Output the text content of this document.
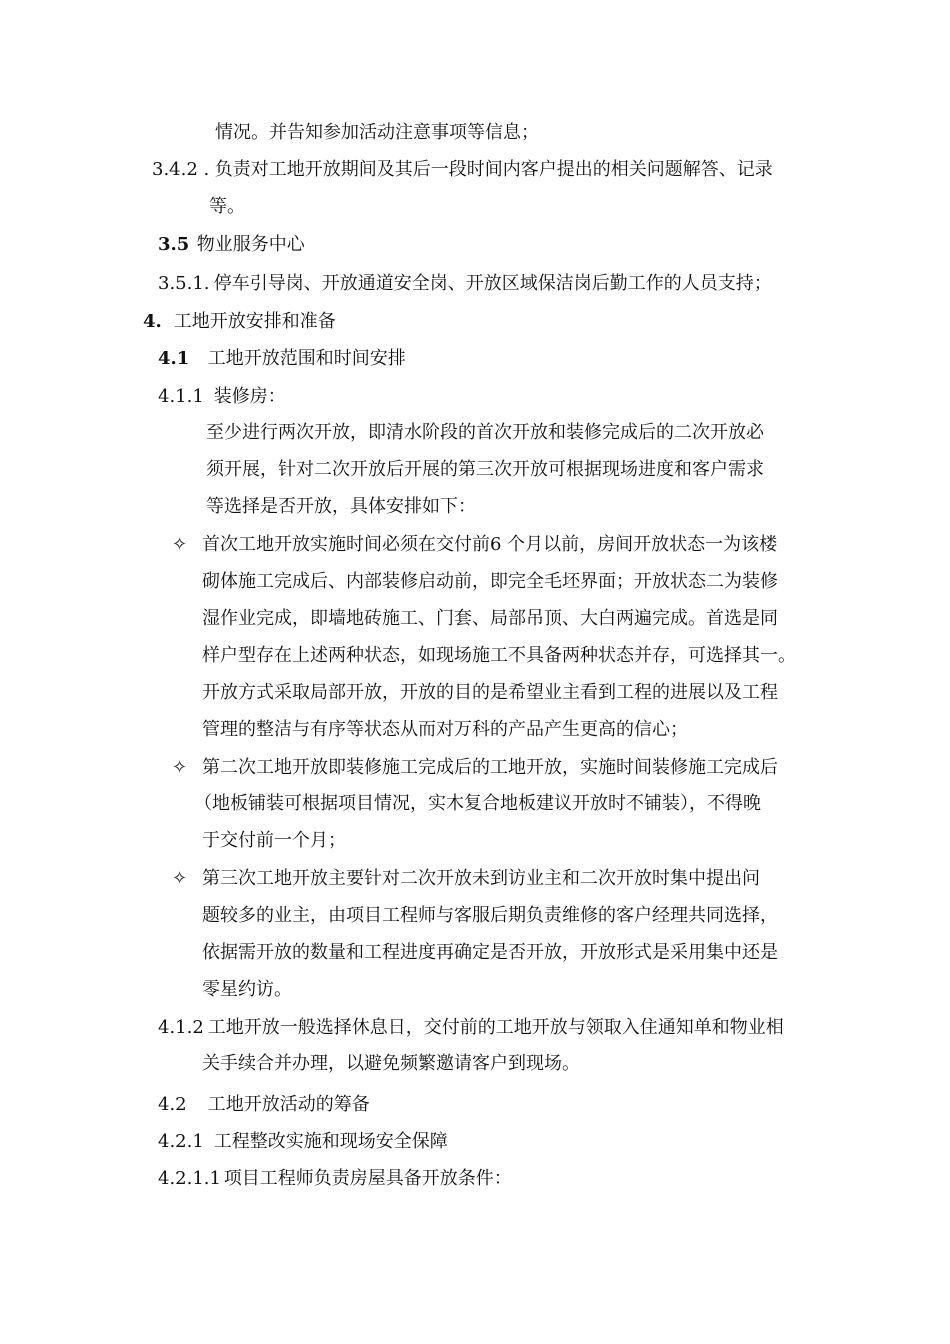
情况。并告知参加活动注意事项等信息；
3.4.2 . 负责对工地开放期间及其后一段时间内客户提出的相关问题解答、记录
等。
3.5 物业服务中心
3.5.1. 停车引导岗、开放通道安全岗、开放区域保洁岗后勤工作的人员支持；
4. 工地开放安排和准备
4.1 工地开放范围和时间安排
4.1.1 装修房：
至少进行两次开放，即清水阶段的首次开放和装修完成后的二次开放必
须开展，针对二次开放后开展的第三次开放可根据现场进度和客户需求
等选择是否开放，具体安排如下：
✧ 首次工地开放实施时间必须在交付前6 个月以前，房间开放状态一为该楼
砌体施工完成后、内部装修启动前，即完全毛坯界面；开放状态二为装修
湿作业完成，即墙地砖施工、门套、局部吊顶、大白两遍完成。首选是同
样户型存在上述两种状态，如现场施工不具备两种状态并存，可选择其一。
开放方式采取局部开放，开放的目的是希望业主看到工程的进展以及工程
管理的整洁与有序等状态从而对万科的产品产生更高的信心；
✧ 第二次工地开放即装修施工完成后的工地开放，实施时间装修施工完成后
（地板铺装可根据项目情况，实木复合地板建议开放时不铺装），不得晚
于交付前一个月；
✧ 第三次工地开放主要针对二次开放未到访业主和二次开放时集中提出问
题较多的业主，由项目工程师与客服后期负责维修的客户经理共同选择，
依据需开放的数量和工程进度再确定是否开放，开放形式是采用集中还是
零星约访。
4.1.2 工地开放一般选择休息日，交付前的工地开放与领取入住通知单和物业相
关手续合并办理，以避免频繁邀请客户到现场。
4.2 工地开放活动的筹备
4.2.1 工程整改实施和现场安全保障
4.2.1.1 项目工程师负责房屋具备开放条件：
